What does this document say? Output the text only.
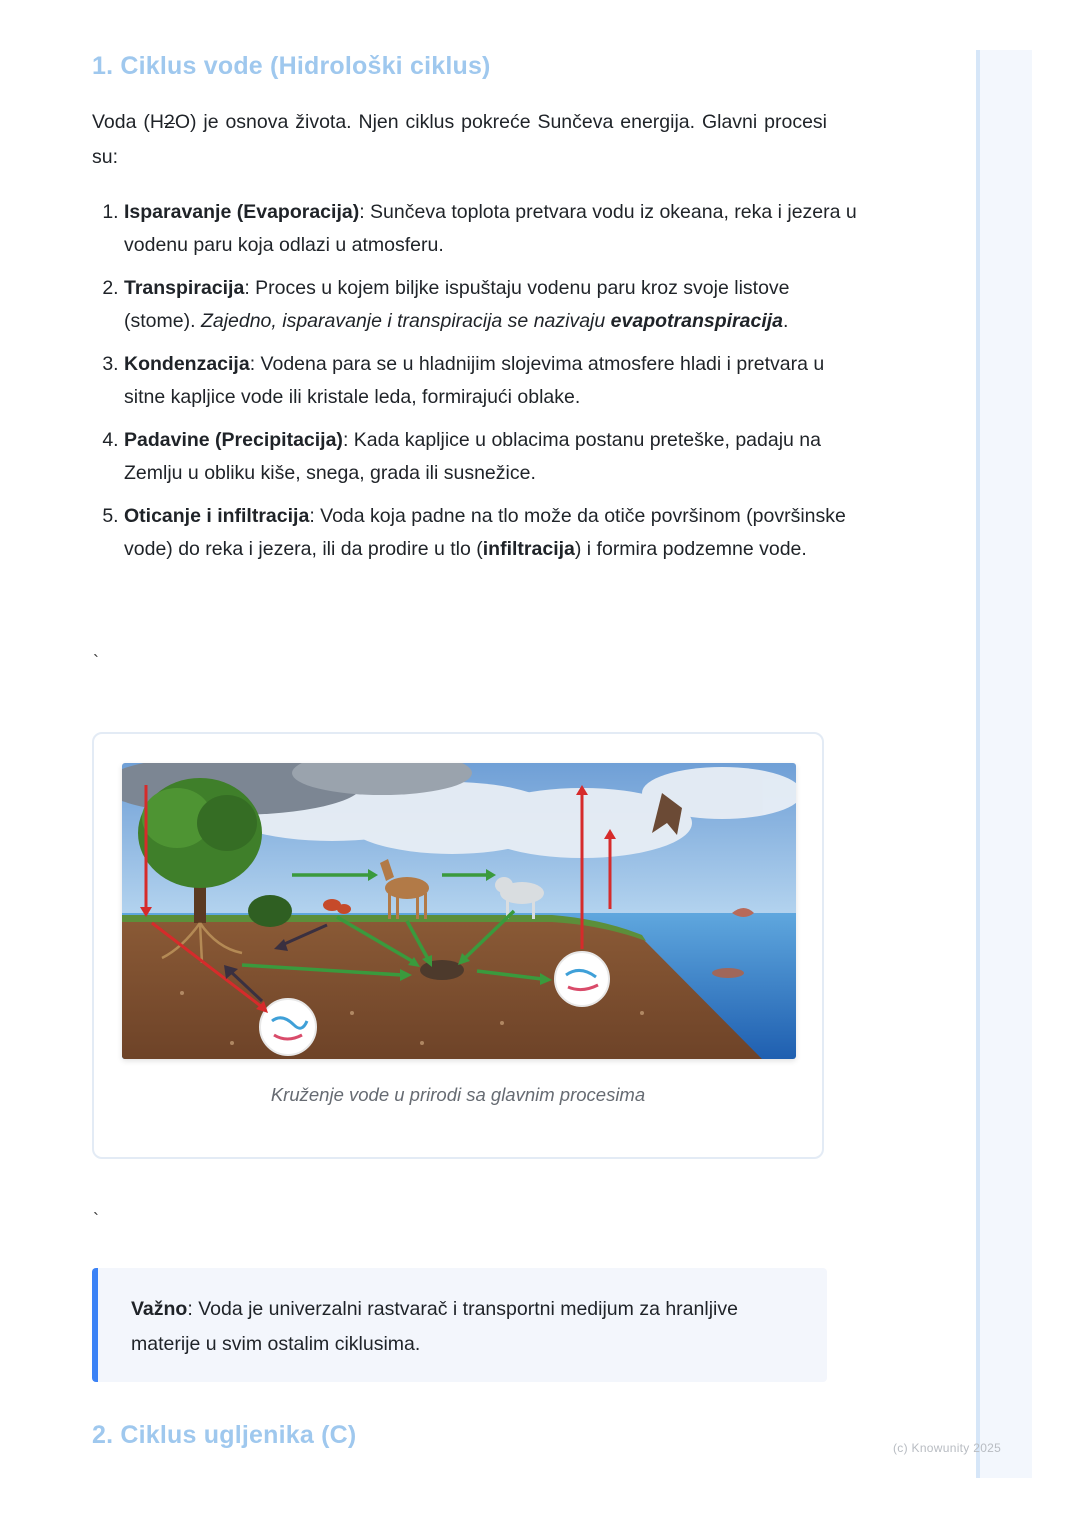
1. Ciklus vode (Hidrološki ciklus)

Voda (H2
O) je osnova života. Njen ciklus pokreće Sunčeva energija. Glavni procesi su:

1. Isparavanje (Evaporacija): Sunčeva toplota pretvara vodu iz okeana, reka i jezera u vodenu paru koja odlazi u atmosferu.
2. Transpiracija: Proces u kojem biljke ispuštaju vodenu paru kroz svoje listove (stome). Zajedno, isparavanje i transpiracija se nazivaju evapotranspiracija.
3. Kondenzacija: Vodena para se u hladnijim slojevima atmosfere hladi i pretvara u sitne kapljice vode ili kristale leda, formirajući oblake.
4. Padavine (Precipitacija): Kada kapljice u oblacima postanu preteške, padaju na Zemlju u obliku kiše, snega, grada ili susnežice.
5. Oticanje i infiltracija: Voda koja padne na tlo može da otiče površinom (površinske vode) do reka i jezera, ili da prodire u tlo (infiltracija) i formira podzemne vode.
`
Kruženje vode u prirodi sa glavnim procesima
`
Važno: Voda je univerzalni rastvarač i transportni medijum za hranljive materije u svim ostalim ciklusima.
2. Ciklus ugljenika (C)	(c) Knowunity 2025
